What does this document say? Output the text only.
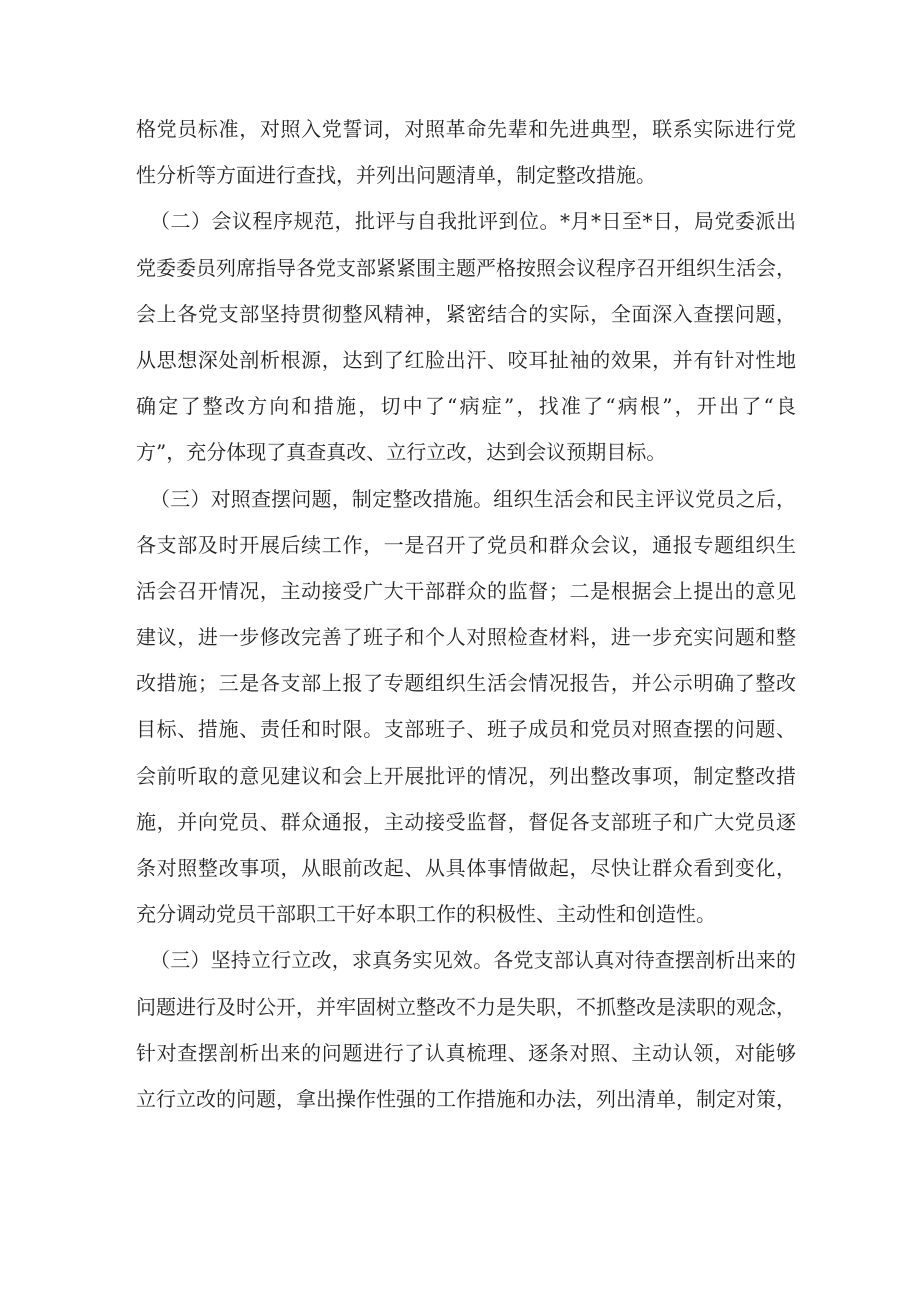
格党员标准，对照入党誓词，对照革命先辈和先进典型，联系实际进行党
性分析等方面进行查找，并列出问题清单，制定整改措施。
（二）会议程序规范，批评与自我批评到位。*月*日至*日，局党委派出
党委委员列席指导各党支部紧紧围主题严格按照会议程序召开组织生活会，
会上各党支部坚持贯彻整风精神，紧密结合的实际，全面深入查摆问题，
从思想深处剖析根源，达到了红脸出汗、咬耳扯袖的效果，并有针对性地
确定了整改方向和措施，切中了“病症”，找准了“病根”，开出了“良
方”，充分体现了真查真改、立行立改，达到会议预期目标。
（三）对照查摆问题，制定整改措施。组织生活会和民主评议党员之后，
各支部及时开展后续工作，一是召开了党员和群众会议，通报专题组织生
活会召开情况，主动接受广大干部群众的监督；二是根据会上提出的意见
建议，进一步修改完善了班子和个人对照检查材料，进一步充实问题和整
改措施；三是各支部上报了专题组织生活会情况报告，并公示明确了整改
目标、措施、责任和时限。支部班子、班子成员和党员对照查摆的问题、
会前听取的意见建议和会上开展批评的情况，列出整改事项，制定整改措
施，并向党员、群众通报，主动接受监督，督促各支部班子和广大党员逐
条对照整改事项，从眼前改起、从具体事情做起，尽快让群众看到变化，
充分调动党员干部职工干好本职工作的积极性、主动性和创造性。
（三）坚持立行立改，求真务实见效。各党支部认真对待查摆剖析出来的
问题进行及时公开，并牢固树立整改不力是失职，不抓整改是渎职的观念，
针对查摆剖析出来的问题进行了认真梳理、逐条对照、主动认领，对能够
立行立改的问题，拿出操作性强的工作措施和办法，列出清单，制定对策，
